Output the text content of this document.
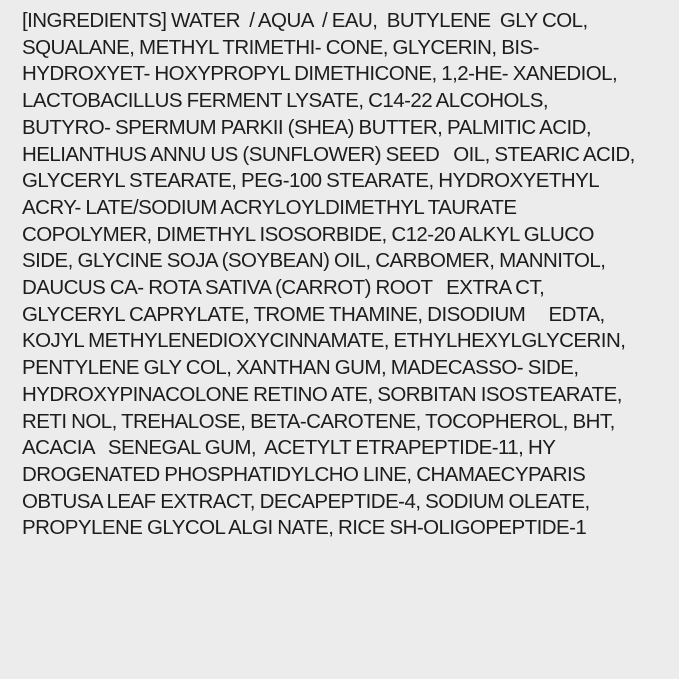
[INGREDIENTS] WATER  / AQUA  / EAU,  BUTYLENE  GLY COL,
SQUALANE, METHYL TRIMETHI- CONE, GLYCERIN, BIS-
HYDROXYET- HOXYPROPYL DIMETHICONE, 1,2-HE- XANEDIOL,
LACTOBACILLUS FERMENT LYSATE, C14-22 ALCOHOLS,
BUTYRO- SPERMUM PARKII (SHEA) BUTTER, PALMITIC ACID,
HELIANTHUS ANNU US (SUNFLOWER) SEED   OIL, STEARIC ACID,
GLYCERYL STEARATE, PEG-100 STEARATE, HYDROXYETHYL
ACRY- LATE/SODIUM ACRYLOYLDIMETHYL TAURATE
COPOLYMER, DIMETHYL ISOSORBIDE, C12-20 ALKYL GLUCO
SIDE, GLYCINE SOJA (SOYBEAN) OIL, CARBOMER, MANNITOL,
DAUCUS CA- ROTA SATIVA (CARROT) ROOT   EXTRA CT,
GLYCERYL CAPRYLATE, TROME THAMINE, DISODIUM     EDTA,
KOJYL METHYLENEDIOXYCINNAMATE, ETHYLHEXYLGLYCERIN,
PENTYLENE GLY COL, XANTHAN GUM, MADECASSO- SIDE,
HYDROXYPINACOLONE RETINO ATE, SORBITAN ISOSTEARATE,
RETI NOL, TREHALOSE, BETA-CAROTENE, TOCOPHEROL, BHT,
ACACIA   SENEGAL GUM,  ACETYLT ETRAPEPTIDE-11, HY
DROGENATED PHOSPHATIDYLCHO LINE, CHAMAECYPARIS
OBTUSA LEAF EXTRACT, DECAPEPTIDE-4, SODIUM OLEATE,
PROPYLENE GLYCOL ALGI NATE, RICE SH-OLIGOPEPTIDE-1
